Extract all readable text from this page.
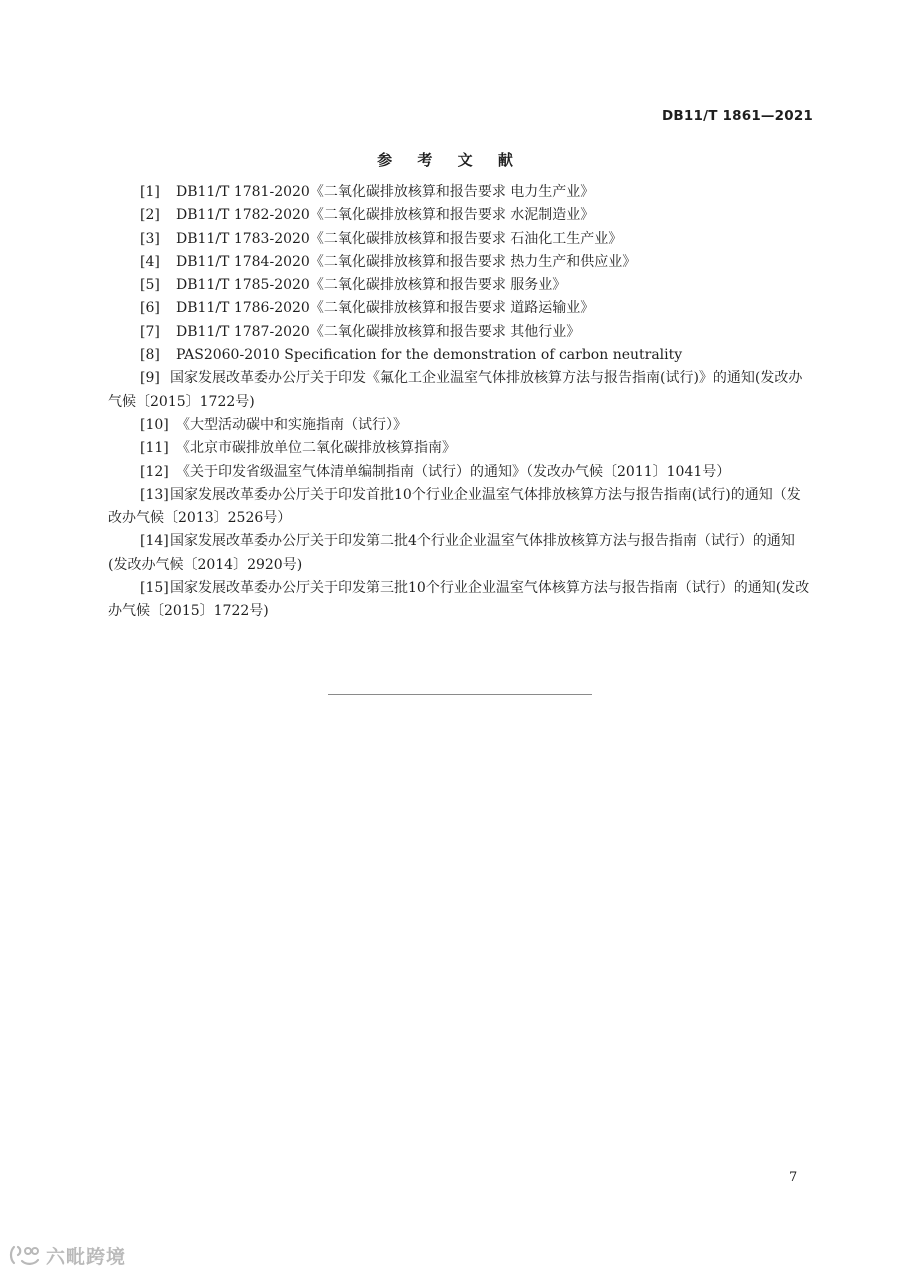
DB11/T 1861—2021
参 考 文 献

[1] DB11/T 1781-2020《二氧化碳排放核算和报告要求 电力生产业》

[2] DB11/T 1782-2020《二氧化碳排放核算和报告要求 水泥制造业》

[3] DB11/T 1783-2020《二氧化碳排放核算和报告要求 石油化工生产业》

[4] DB11/T 1784-2020《二氧化碳排放核算和报告要求 热力生产和供应业》

[5] DB11/T 1785-2020《二氧化碳排放核算和报告要求 服务业》

[6] DB11/T 1786-2020《二氧化碳排放核算和报告要求 道路运输业》

[7] DB11/T 1787-2020《二氧化碳排放核算和报告要求 其他行业》

[8] PAS2060-2010 Specification for the demonstration of carbon neutrality

[9] 国家发展改革委办公厅关于印发《氟化工企业温室气体排放核算方法与报告指南(试行)》的通知(发改办气候〔2015〕1722号)

[10] 《大型活动碳中和实施指南（试行）》

[11] 《北京市碳排放单位二氧化碳排放核算指南》

[12] 《关于印发省级温室气体清单编制指南（试行）的通知》（发改办气候〔2011〕1041号）

[13]国家发展改革委办公厅关于印发首批10个行业企业温室气体排放核算方法与报告指南(试行)的通知（发改办气候〔2013〕2526号）

[14]国家发展改革委办公厅关于印发第二批4个行业企业温室气体排放核算方法与报告指南（试行）的通知(发改办气候〔2014〕2920号)

[15]国家发展改革委办公厅关于印发第三批10个行业企业温室气体核算方法与报告指南（试行）的通知(发改办气候〔2015〕1722号)

7
六毗跨境
